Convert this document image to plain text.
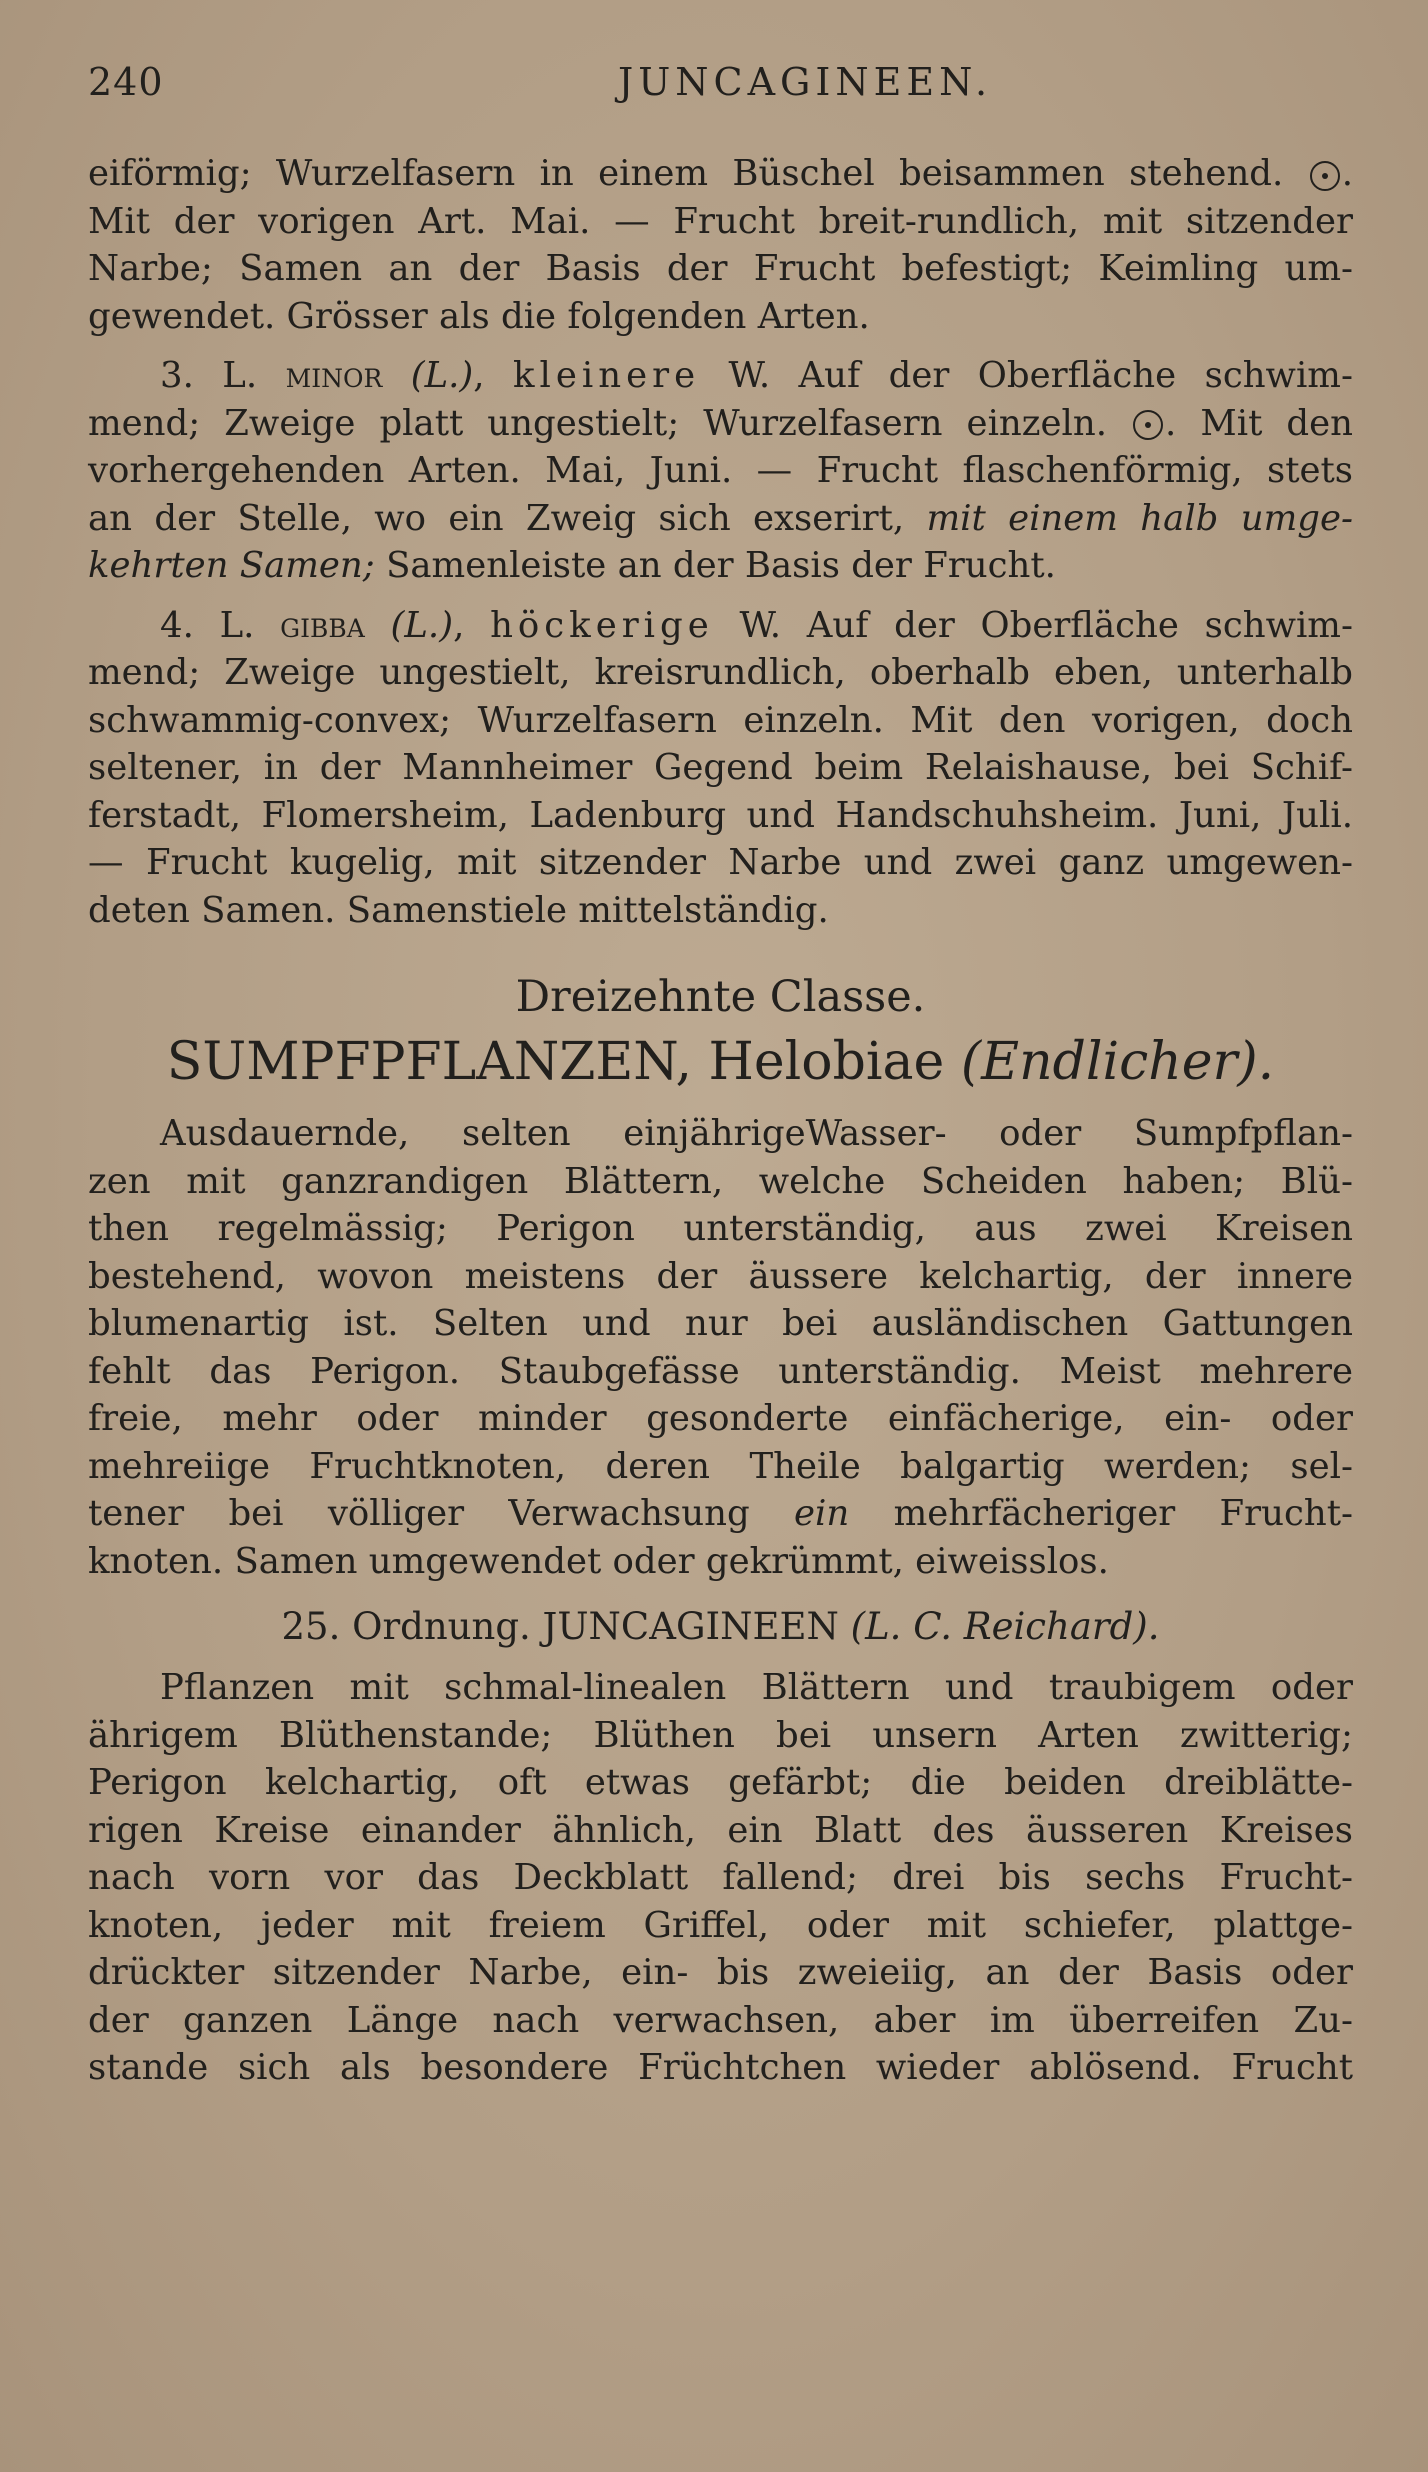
240	JUNCAGINEEN.

eiförmig; Wurzelfasern in einem Büschel beisammen stehend. .
Mit der vorigen Art. Mai. — Frucht breit-rundlich, mit sitzender
Narbe; Samen an der Basis der Frucht befestigt; Keimling um-
gewendet. Grösser als die folgenden Arten.

3. L. minor (L.), kleinere W. Auf der Oberfläche schwim-
mend; Zweige platt ungestielt; Wurzelfasern einzeln. . Mit den
vorhergehenden Arten. Mai, Juni. — Frucht flaschenförmig, stets
an der Stelle, wo ein Zweig sich exserirt, mit einem halb umge-
kehrten Samen; Samenleiste an der Basis der Frucht.

4. L. gibba (L.), höckerige W. Auf der Oberfläche schwim-
mend; Zweige ungestielt, kreisrundlich, oberhalb eben, unterhalb
schwammig-convex; Wurzelfasern einzeln. Mit den vorigen, doch
seltener, in der Mannheimer Gegend beim Relaishause, bei Schif-
ferstadt, Flomersheim, Ladenburg und Handschuhsheim. Juni, Juli.
— Frucht kugelig, mit sitzender Narbe und zwei ganz umgewen-
deten Samen. Samenstiele mittelständig.

Dreizehnte Classe.
SUMPFPFLANZEN, Helobiae (Endlicher).

Ausdauernde, selten einjährigeWasser- oder Sumpfpflan-
zen mit ganzrandigen Blättern, welche Scheiden haben; Blü-
then regelmässig; Perigon unterständig, aus zwei Kreisen
bestehend, wovon meistens der äussere kelchartig, der innere
blumenartig ist. Selten und nur bei ausländischen Gattungen
fehlt das Perigon. Staubgefässe unterständig. Meist mehrere
freie, mehr oder minder gesonderte einfächerige, ein- oder
mehreiige Fruchtknoten, deren Theile balgartig werden; sel-
tener bei völliger Verwachsung ein mehrfächeriger Frucht-
knoten. Samen umgewendet oder gekrümmt, eiweisslos.

25. Ordnung. JUNCAGINEEN (L. C. Reichard).

Pflanzen mit schmal-linealen Blättern und traubigem oder
ährigem Blüthenstande; Blüthen bei unsern Arten zwitterig;
Perigon kelchartig, oft etwas gefärbt; die beiden dreiblätte-
rigen Kreise einander ähnlich, ein Blatt des äusseren Kreises
nach vorn vor das Deckblatt fallend; drei bis sechs Frucht-
knoten, jeder mit freiem Griffel, oder mit schiefer, plattge-
drückter sitzender Narbe, ein- bis zweieiig, an der Basis oder
der ganzen Länge nach verwachsen, aber im überreifen Zu-
stande sich als besondere Früchtchen wieder ablösend. Frucht
